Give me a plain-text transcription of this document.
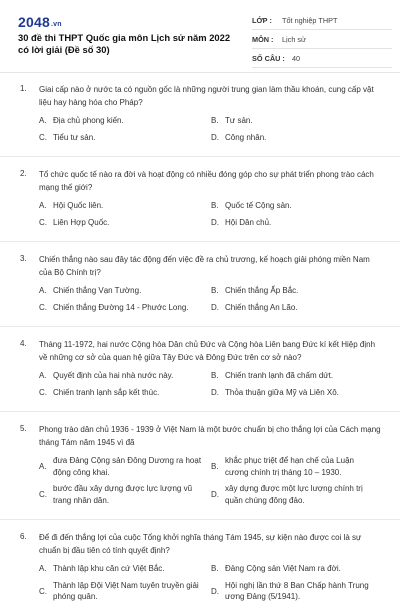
2048.vn
30 đề thi THPT Quốc gia môn Lịch sử năm 2022 có lời giải (Đề số 30)
LỚP : Tốt nghiệp THPT
MÔN : Lịch sử
SỐ CÂU : 40
1. Giai cấp nào ở nước ta có nguồn gốc là những người trung gian làm thầu khoán, cung cấp vật liệu hay hàng hóa cho Pháp?
A. Địa chủ phong kiến.	B. Tư sản.
C. Tiểu tư sản.	D. Công nhân.
2. Tổ chức quốc tế nào ra đời và hoạt động có nhiều đóng góp cho sự phát triển phong trào cách mạng thế giới?
A. Hội Quốc liên.	B. Quốc tế Cộng sản.
C. Liên Hợp Quốc.	D. Hội Dân chủ.
3. Chiến thắng nào sau đây tác động đến việc đề ra chủ trương, kế hoạch giải phóng miền Nam của Bộ Chính trị?
A. Chiến thắng Vạn Tường.	B. Chiến thắng Ấp Bắc.
C. Chiến thắng Đường 14 - Phước Long.	D. Chiến thắng An Lão.
4. Tháng 11-1972, hai nước Cộng hòa Dân chủ Đức và Cộng hòa Liên bang Đức kí kết Hiệp định về những cơ sở của quan hệ giữa Tây Đức và Đông Đức trên cơ sở nào?
A. Quyết định của hai nhà nước này.	B. Chiến tranh lạnh đã chấm dứt.
C. Chiến tranh lạnh sắp kết thúc.	D. Thỏa thuận giữa Mỹ và Liên Xô.
5. Phong trào dân chủ 1936 - 1939 ở Việt Nam là một bước chuẩn bị cho thắng lợi của Cách mạng tháng Tám năm 1945 vì đã
A.
đưa Đảng Cộng sản Đông Dương ra hoạt động công khai.
B.
khắc phục triệt để hạn chế của Luận cương chính trị tháng 10 – 1930.
C.
bước đầu xây dựng được lực lượng vũ trang nhân dân.
D.
xây dựng được một lực lượng chính trị quần chúng đông đảo.
6. Để đi đến thắng lợi của cuộc Tổng khởi nghĩa tháng Tám 1945, sự kiện nào được coi là sự chuẩn bị đầu tiên có tính quyết định?
A. Thành lập khu căn cứ Việt Bắc.	B. Đảng Cộng sản Việt Nam ra đời.
C.
Thành lập Đội Việt Nam tuyên truyền giải phóng quân.
D.
Hội nghị lần thứ 8 Ban Chấp hành Trung ương Đảng (5/1941).
